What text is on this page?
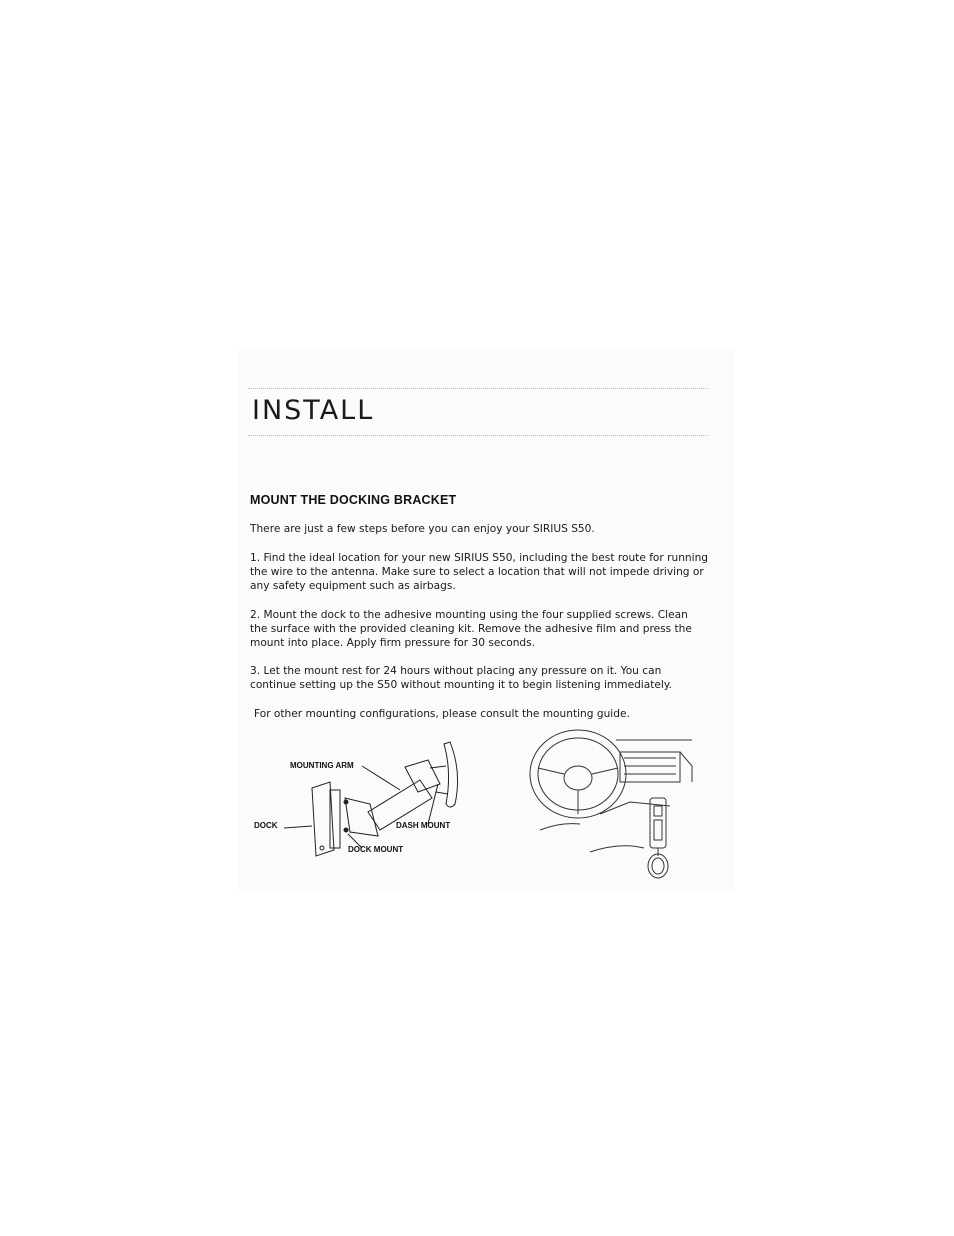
INSTALL
MOUNT THE DOCKING BRACKET

There are just a few steps before you can enjoy your SIRIUS S50.

1. Find the ideal location for your new SIRIUS S50, including the best route for running the wire to the antenna. Make sure to select a location that will not impede driving or any safety equipment such as airbags.

2. Mount the dock to the adhesive mounting using the four supplied screws. Clean the surface with the provided cleaning kit. Remove the adhesive film and press the mount into place. Apply firm pressure for 30 seconds.

3. Let the mount rest for 24 hours without placing any pressure on it. You can continue setting up the S50 without mounting it to begin listening immediately.

For other mounting configurations, please consult the mounting guide.

MOUNTING ARM
DOCK	DASH MOUNT
DOCK MOUNT
